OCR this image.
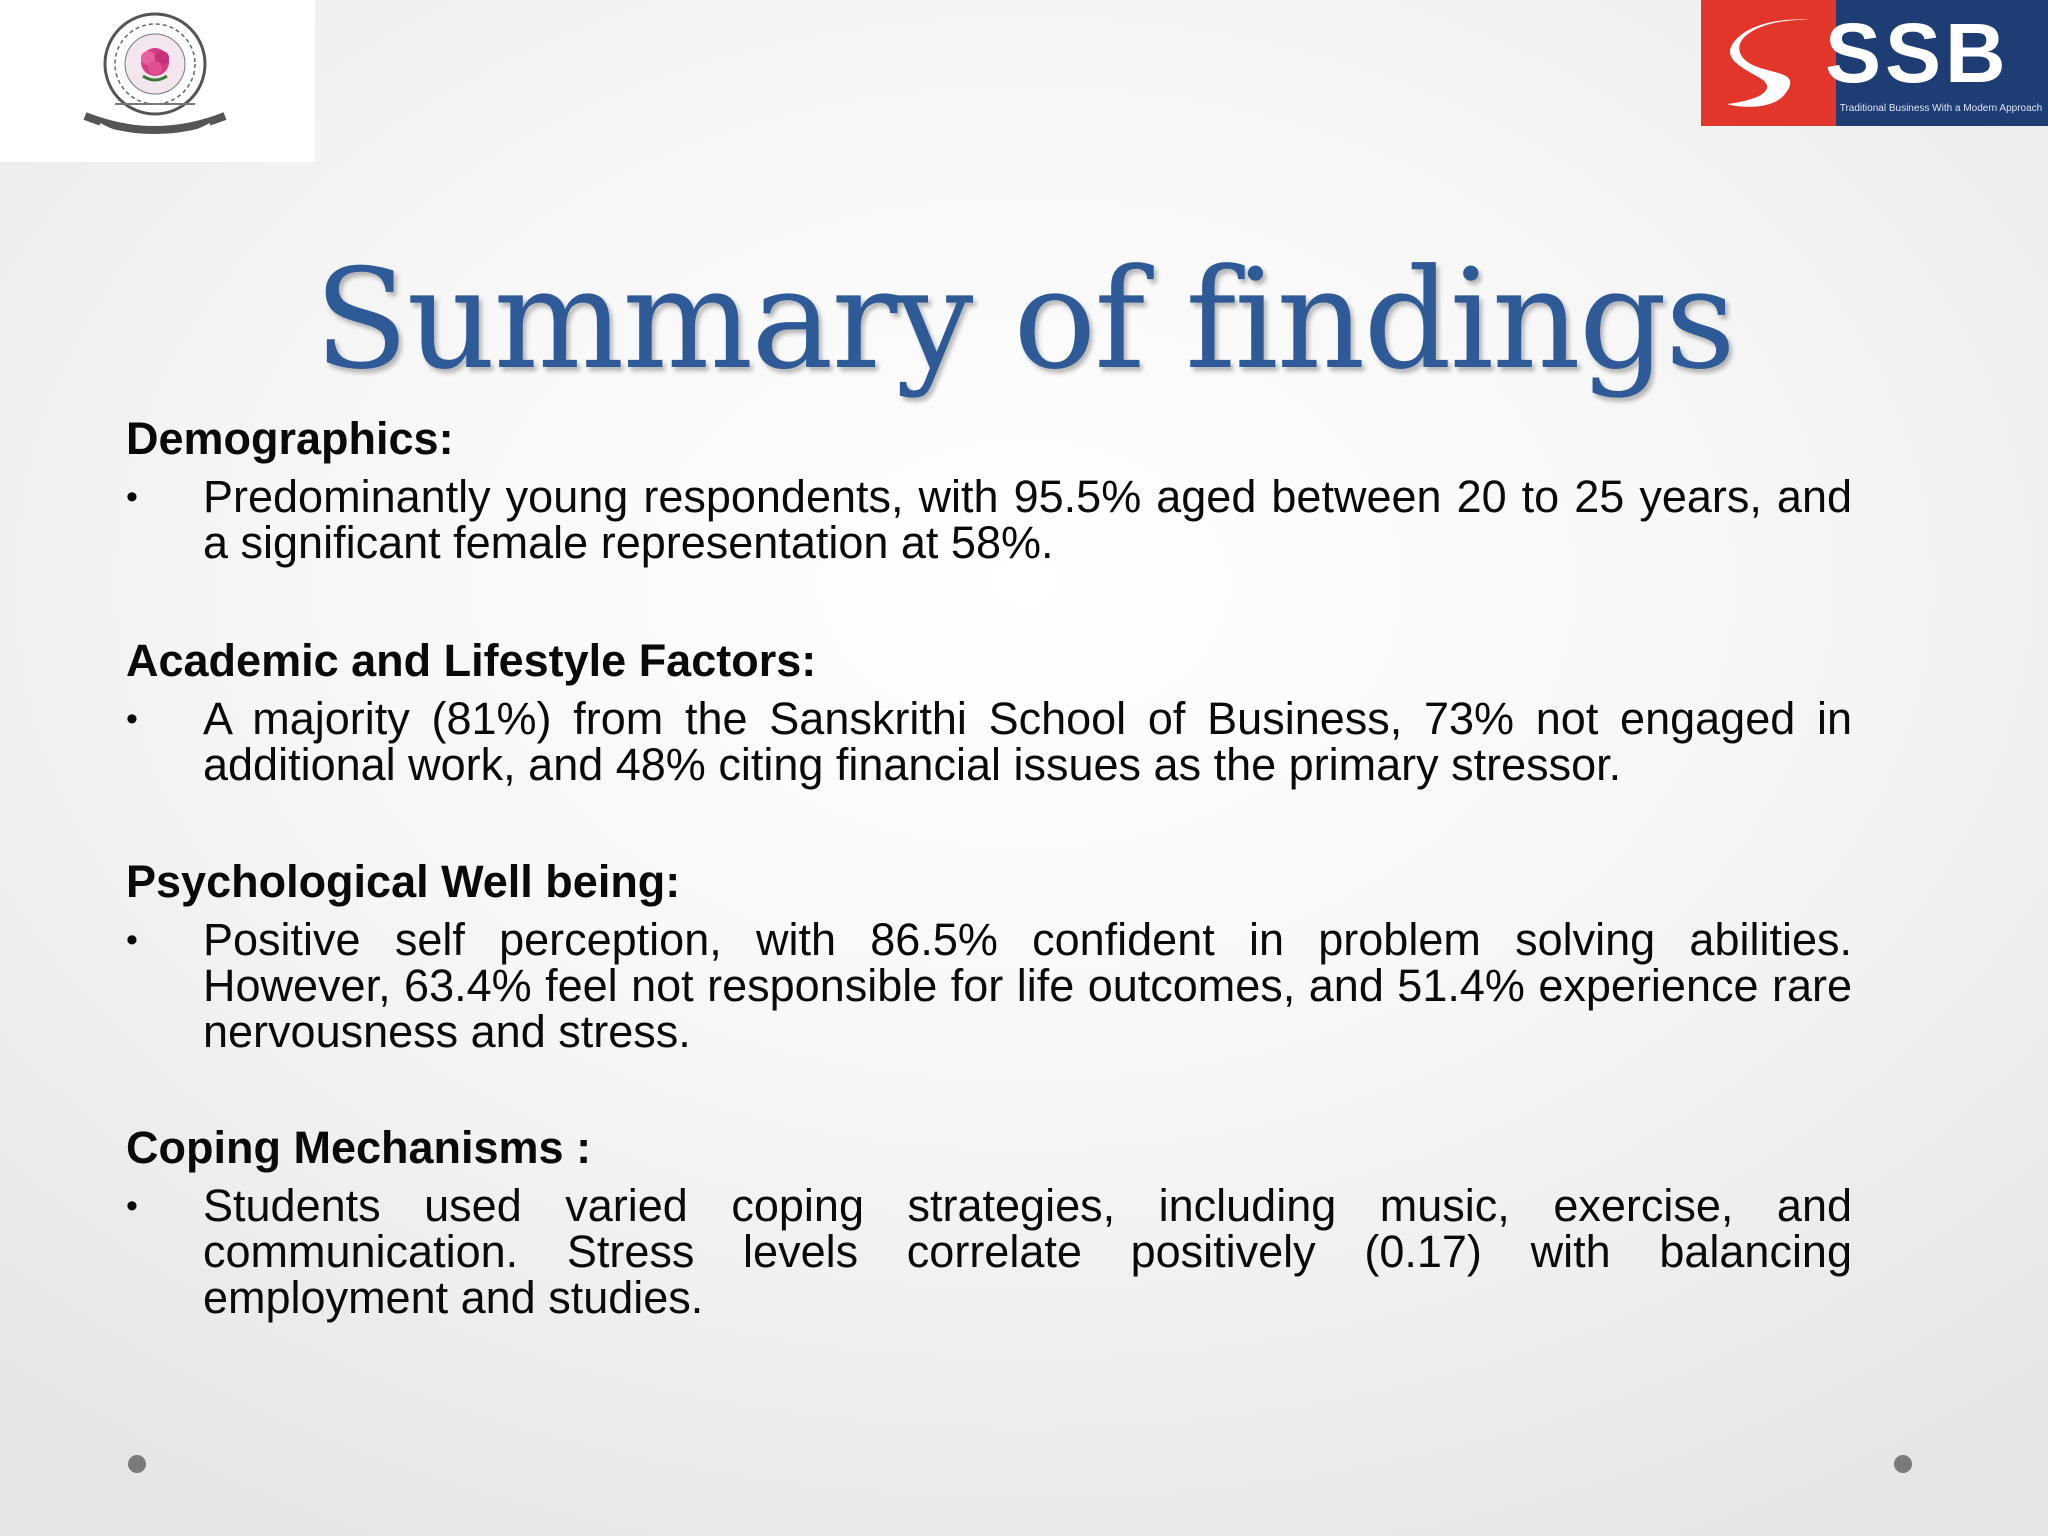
SSB
Traditional Business With a Modern Approach
Summary of findings
Demographics:
• Predominantly young respondents, with 95.5% aged between 20 to 25 years, and a significant female representation at 58%.
Academic and Lifestyle Factors:
• A majority (81%) from the Sanskrithi School of Business, 73% not engaged in additional work, and 48% citing financial issues as the primary stressor.
Psychological Well being:
• Positive self perception, with 86.5% confident in problem solving abilities. However, 63.4% feel not responsible for life outcomes, and 51.4% experience rare nervousness and stress.
Coping Mechanisms :
• Students used varied coping strategies, including music, exercise, and communication. Stress levels correlate positively (0.17) with balancing employment and studies.
